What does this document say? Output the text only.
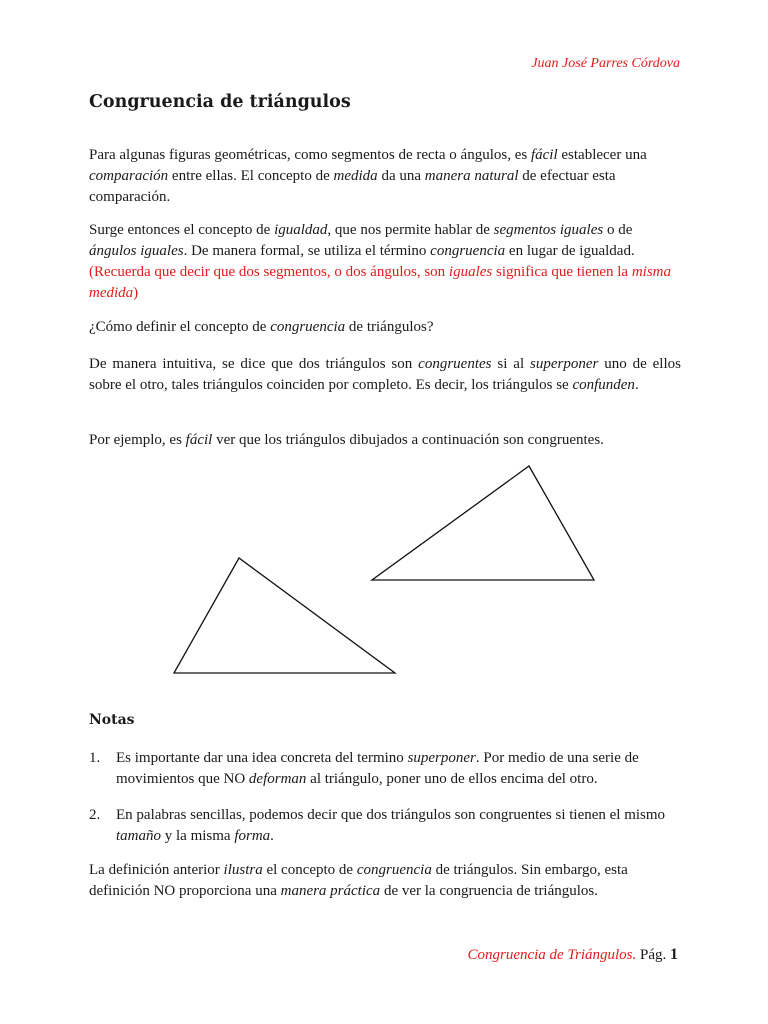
Juan José Parres Córdova
Congruencia de triángulos

Para algunas figuras geométricas, como segmentos de recta o ángulos, es fácil establecer una comparación entre ellas. El concepto de medida da una manera natural de efectuar esta comparación.

Surge entonces el concepto de igualdad, que nos permite hablar de segmentos iguales o de ángulos iguales. De manera formal, se utiliza el término congruencia en lugar de igualdad.(Recuerda que decir que dos segmentos, o dos ángulos, son iguales significa que tienen la misma medida)

¿Cómo definir el concepto de congruencia de triángulos?

De manera intuitiva, se dice que dos triángulos son congruentes si al superponer uno de ellos sobre el otro, tales triángulos coinciden por completo. Es decir, los triángulos se confunden.

Por ejemplo, es fácil ver que los triángulos dibujados a continuación son congruentes.

Notas
1. Es importante dar una idea concreta del termino superponer. Por medio de una serie de movimientos que NO deforman al triángulo, poner uno de ellos encima del otro.
2. En palabras sencillas, podemos decir que dos triángulos son congruentes si tienen el mismo tamaño y la misma forma.

La definición anterior ilustra el concepto de congruencia de triángulos. Sin embargo, esta definición NO proporciona una manera práctica de ver la congruencia de triángulos.

Congruencia de Triángulos. Pág. 1
